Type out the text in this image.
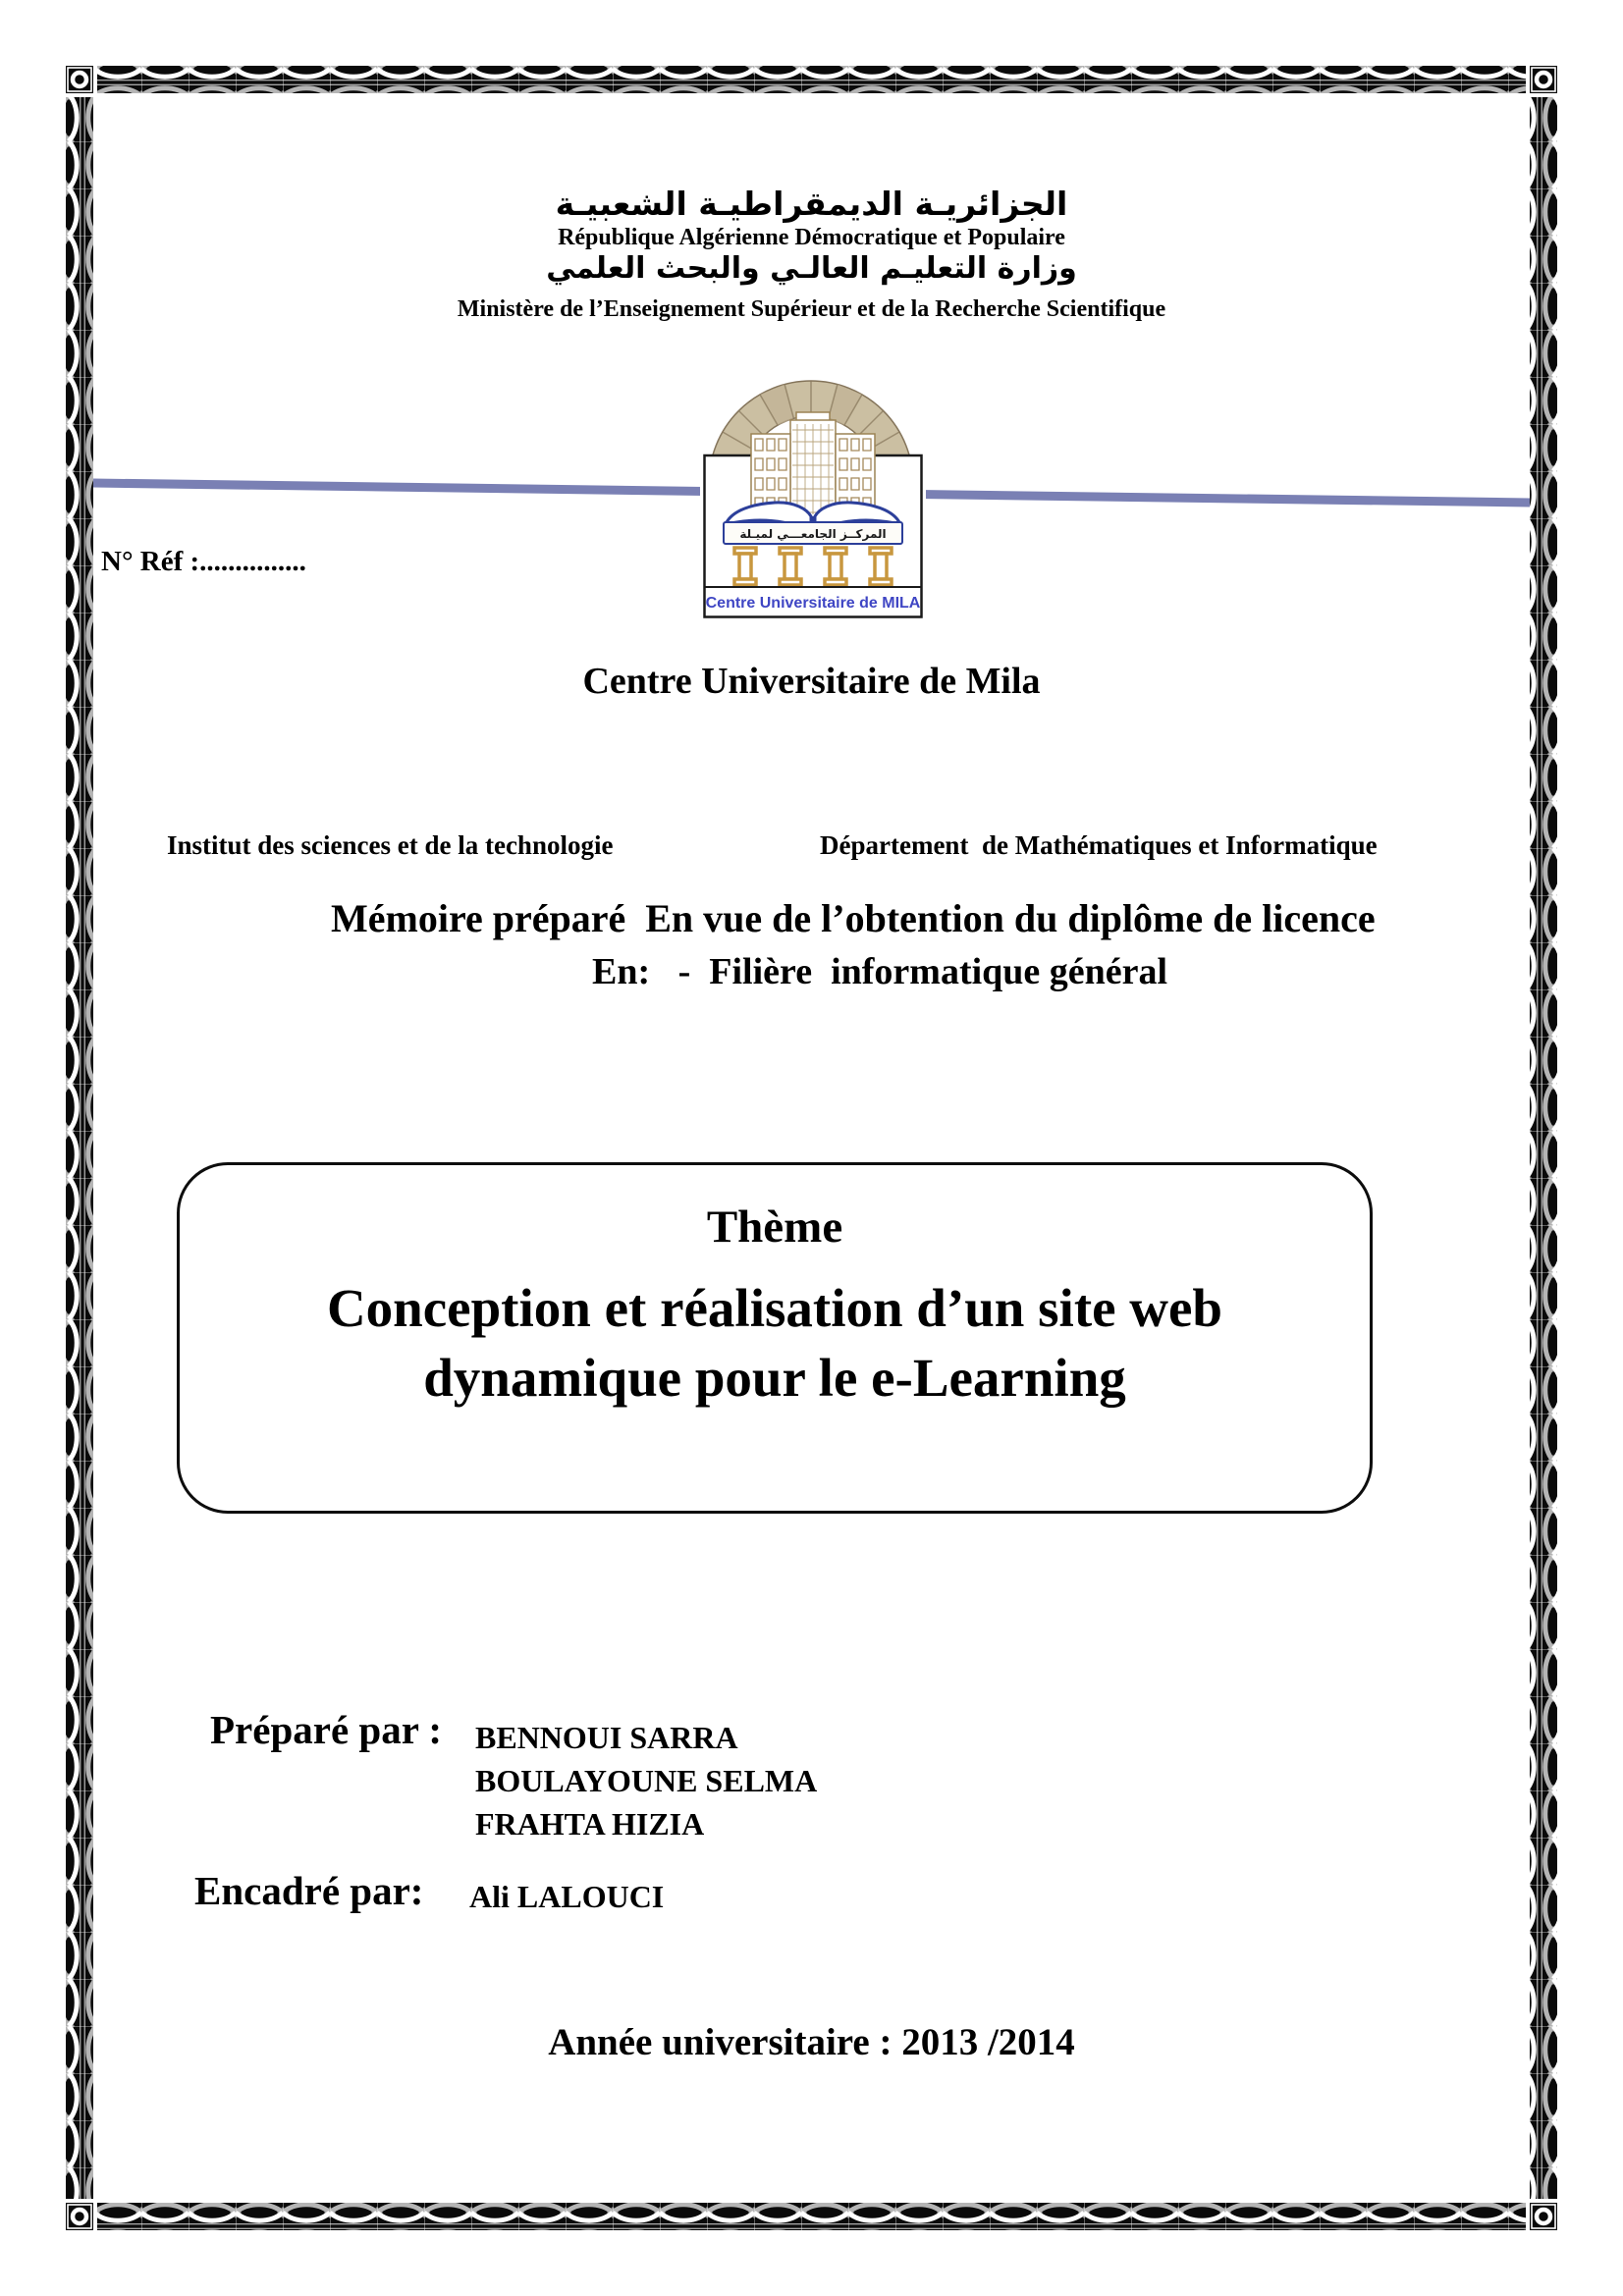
المركــز الجامعـــي لميـلة
Centre Universitaire de MILA
الجزائريـة الديمقراطيـة الشعبيـة
République Algérienne Démocratique et Populaire
وزارة التعليـم العالـي والبحث العلمي
Ministère de l’Enseignement Supérieur et de la Recherche Scientifique
N° Réf :...............
Centre Universitaire de Mila
Institut des sciences et de la technologie	Département  de Mathématiques et Informatique
Mémoire préparé  En vue de l’obtention du diplôme de licence
En:   -  Filière  informatique général
Thème
Conception et réalisation d’un site web
dynamique pour le e-Learning
Préparé par : BENNOUI SARRA
BOULAYOUNE SELMA
FRAHTA HIZIA
Encadré par: Ali LALOUCI
Année universitaire : 2013 /2014
